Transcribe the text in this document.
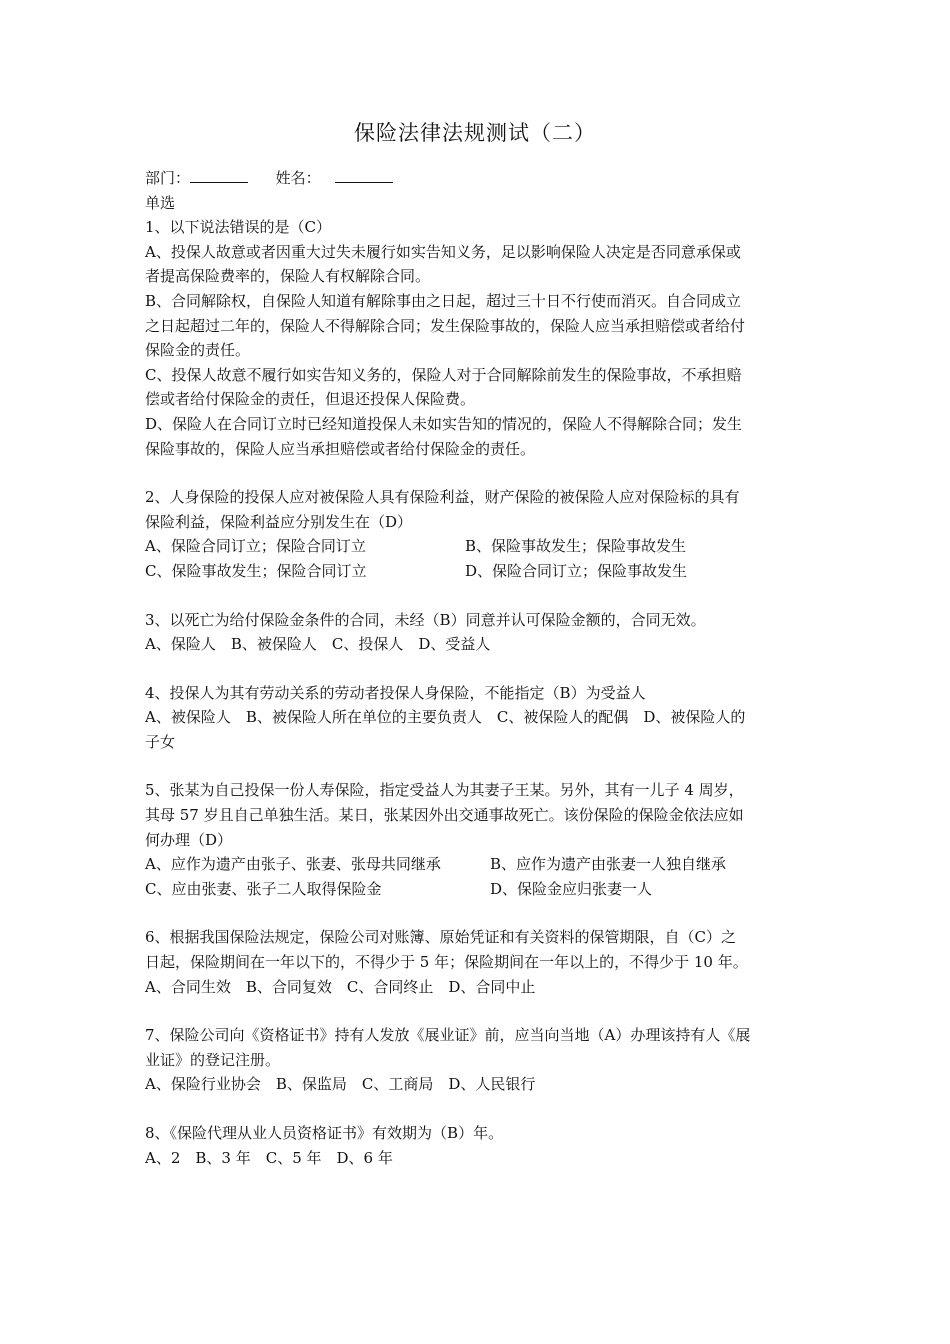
保险法律法规测试（二）
部门：	姓名：
单选
1、以下说法错误的是（C）
A、投保人故意或者因重大过失未履行如实告知义务，足以影响保险人决定是否同意承保或
者提高保险费率的，保险人有权解除合同。
B、合同解除权，自保险人知道有解除事由之日起，超过三十日不行使而消灭。自合同成立
之日起超过二年的，保险人不得解除合同；发生保险事故的，保险人应当承担赔偿或者给付
保险金的责任。
C、投保人故意不履行如实告知义务的，保险人对于合同解除前发生的保险事故，不承担赔
偿或者给付保险金的责任，但退还投保人保险费。
D、保险人在合同订立时已经知道投保人未如实告知的情况的，保险人不得解除合同；发生
保险事故的，保险人应当承担赔偿或者给付保险金的责任。
2、人身保险的投保人应对被保险人具有保险利益，财产保险的被保险人应对保险标的具有
保险利益，保险利益应分别发生在（D）
A、保险合同订立；保险合同订立	B、保险事故发生；保险事故发生
C、保险事故发生；保险合同订立	D、保险合同订立；保险事故发生
3、以死亡为给付保险金条件的合同，未经（B）同意并认可保险金额的，合同无效。
A、保险人　B、被保险人　C、投保人　D、受益人
4、投保人为其有劳动关系的劳动者投保人身保险，不能指定（B）为受益人
A、被保险人　B、被保险人所在单位的主要负责人　C、被保险人的配偶　D、被保险人的
子女
5、张某为自己投保一份人寿保险，指定受益人为其妻子王某。另外，其有一儿子 4 周岁，
其母 57 岁且自己单独生活。某日，张某因外出交通事故死亡。该份保险的保险金依法应如
何办理（D）
A、应作为遗产由张子、张妻、张母共同继承	B、应作为遗产由张妻一人独自继承
C、应由张妻、张子二人取得保险金	D、保险金应归张妻一人
6、根据我国保险法规定，保险公司对账簿、原始凭证和有关资料的保管期限，自（C）之
日起，保险期间在一年以下的，不得少于 5 年；保险期间在一年以上的，不得少于 10 年。
A、合同生效　B、合同复效　C、合同终止　D、合同中止
7、保险公司向《资格证书》持有人发放《展业证》前，应当向当地（A）办理该持有人《展
业证》的登记注册。
A、保险行业协会　B、保监局　C、工商局　D、人民银行
8、《保险代理从业人员资格证书》有效期为（B）年。
A、2　B、3 年　C、5 年　D、6 年
